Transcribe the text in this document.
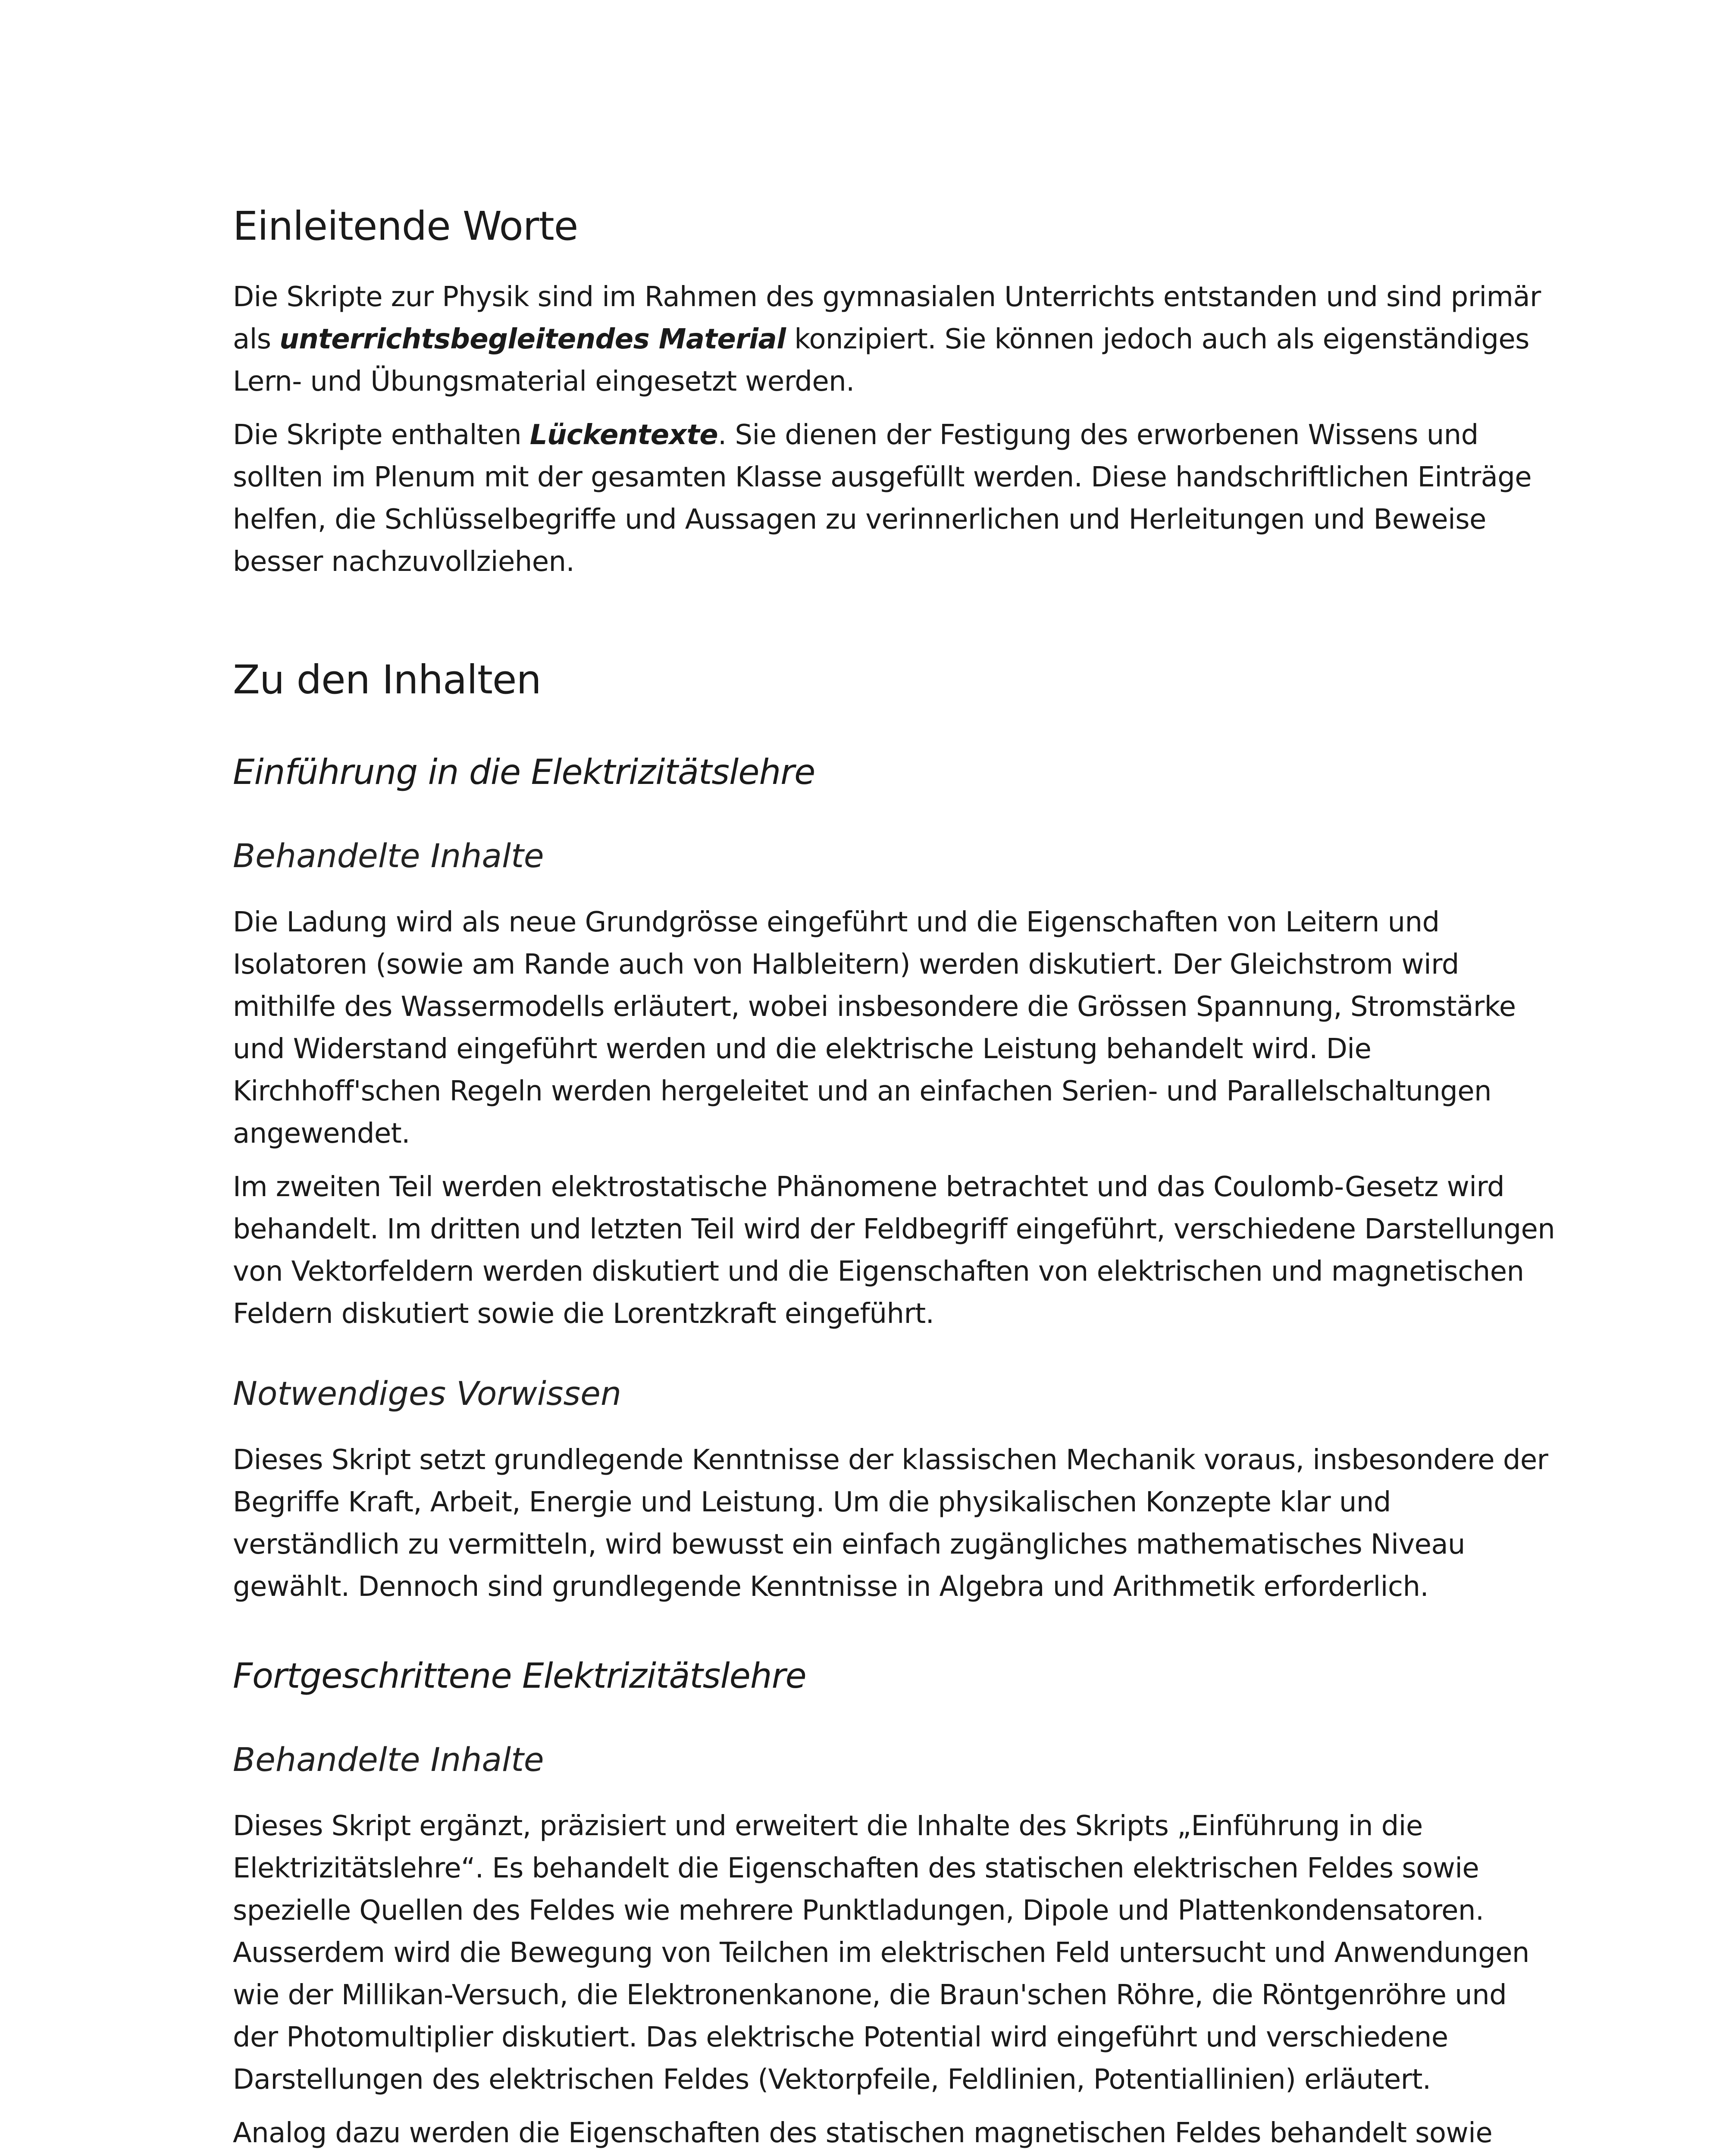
Einleitende Worte

Die Skripte zur Physik sind im Rahmen des gymnasialen Unterrichts entstanden und sind primär als unterrichtsbegleitendes Material konzipiert. Sie können jedoch auch als eigenständiges Lern- und Übungsmaterial eingesetzt werden.

Die Skripte enthalten Lückentexte. Sie dienen der Festigung des erworbenen Wissens und sollten im Plenum mit der gesamten Klasse ausgefüllt werden. Diese handschriftlichen Einträge helfen, die Schlüsselbegriffe und Aussagen zu verinnerlichen und Herleitungen und Beweise besser nachzuvollziehen.

Zu den Inhalten
Einführung in die Elektrizitätslehre
Behandelte Inhalte

Die Ladung wird als neue Grundgrösse eingeführt und die Eigenschaften von Leitern und Isolatoren (sowie am Rande auch von Halbleitern) werden diskutiert. Der Gleichstrom wird mithilfe des Wassermodells erläutert, wobei insbesondere die Grössen Spannung, Stromstärke und Widerstand eingeführt werden und die elektrische Leistung behandelt wird. Die Kirchhoff'schen Regeln werden hergeleitet und an einfachen Serien- und Parallelschaltungen angewendet.

Im zweiten Teil werden elektrostatische Phänomene betrachtet und das Coulomb-Gesetz wird behandelt. Im dritten und letzten Teil wird der Feldbegriff eingeführt, verschiedene Darstellungen von Vektorfeldern werden diskutiert und die Eigenschaften von elektrischen und magnetischen Feldern diskutiert sowie die Lorentzkraft eingeführt.

Notwendiges Vorwissen

Dieses Skript setzt grundlegende Kenntnisse der klassischen Mechanik voraus, insbesondere der Begriffe Kraft, Arbeit, Energie und Leistung. Um die physikalischen Konzepte klar und verständlich zu vermitteln, wird bewusst ein einfach zugängliches mathematisches Niveau gewählt. Dennoch sind grundlegende Kenntnisse in Algebra und Arithmetik erforderlich.

Fortgeschrittene Elektrizitätslehre
Behandelte Inhalte

Dieses Skript ergänzt, präzisiert und erweitert die Inhalte des Skripts „Einführung in die Elektrizitätslehre“. Es behandelt die Eigenschaften des statischen elektrischen Feldes sowie spezielle Quellen des Feldes wie mehrere Punktladungen, Dipole und Plattenkondensatoren. Ausserdem wird die Bewegung von Teilchen im elektrischen Feld untersucht und Anwendungen wie der Millikan-Versuch, die Elektronenkanone, die Braun'schen Röhre, die Röntgenröhre und der Photomultiplier diskutiert. Das elektrische Potential wird eingeführt und verschiedene Darstellungen des elektrischen Feldes (Vektorpfeile, Feldlinien, Potentiallinien) erläutert.

Analog dazu werden die Eigenschaften des statischen magnetischen Feldes behandelt sowie
